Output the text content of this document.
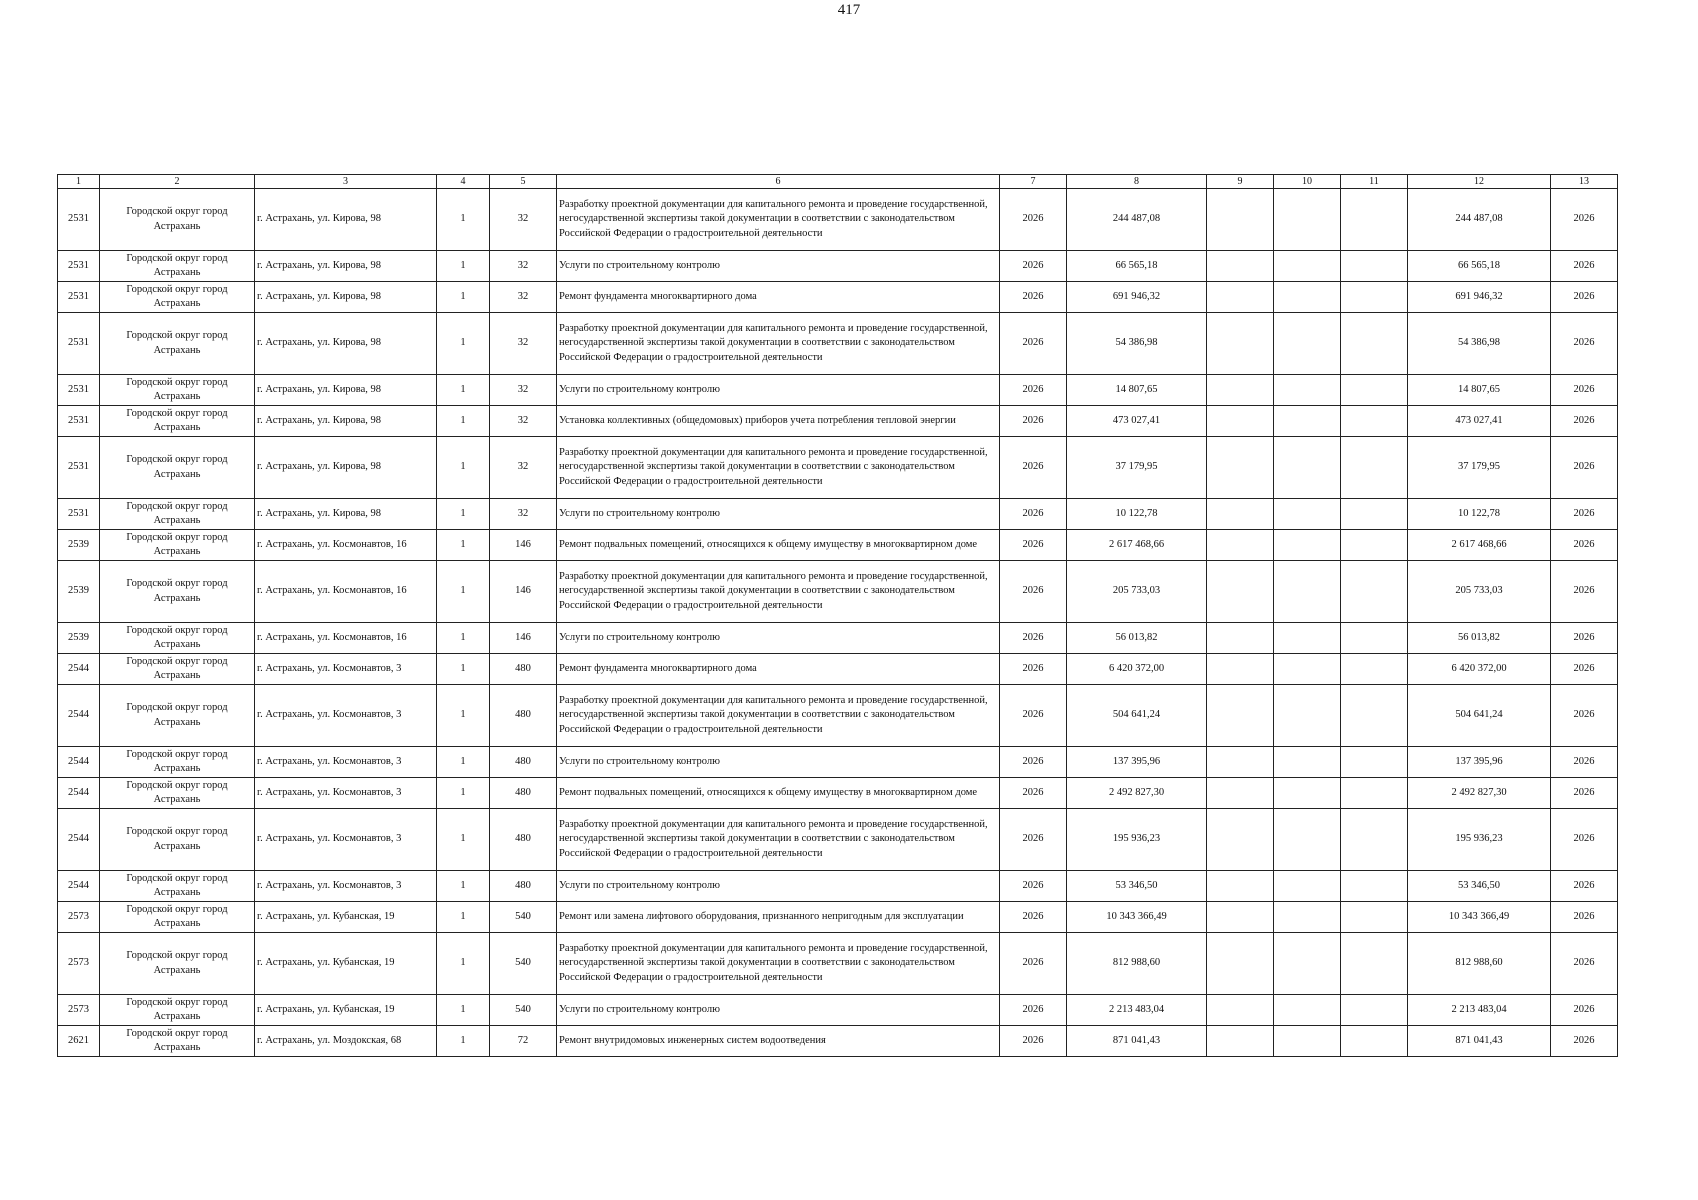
417
1	2	3	4	5	6	7	8	9	10	11	12	13
2531	Городской округ город Астрахань	г. Астрахань, ул. Кирова, 98	1	32	Разработку проектной документации для капитального ремонта и проведение государственной, негосударственной экспертизы такой документации в соответствии с законодательством Российской Федерации о градостроительной деятельности	2026	244 487,08				244 487,08	2026
2531	Городской округ город Астрахань	г. Астрахань, ул. Кирова, 98	1	32	Услуги по строительному контролю	2026	66 565,18				66 565,18	2026
2531	Городской округ город Астрахань	г. Астрахань, ул. Кирова, 98	1	32	Ремонт фундамента многоквартирного дома	2026	691 946,32				691 946,32	2026
2531	Городской округ город Астрахань	г. Астрахань, ул. Кирова, 98	1	32	Разработку проектной документации для капитального ремонта и проведение государственной, негосударственной экспертизы такой документации в соответствии с законодательством Российской Федерации о градостроительной деятельности	2026	54 386,98				54 386,98	2026
2531	Городской округ город Астрахань	г. Астрахань, ул. Кирова, 98	1	32	Услуги по строительному контролю	2026	14 807,65				14 807,65	2026
2531	Городской округ город Астрахань	г. Астрахань, ул. Кирова, 98	1	32	Установка коллективных (общедомовых) приборов учета потребления тепловой энергии	2026	473 027,41				473 027,41	2026
2531	Городской округ город Астрахань	г. Астрахань, ул. Кирова, 98	1	32	Разработку проектной документации для капитального ремонта и проведение государственной, негосударственной экспертизы такой документации в соответствии с законодательством Российской Федерации о градостроительной деятельности	2026	37 179,95				37 179,95	2026
2531	Городской округ город Астрахань	г. Астрахань, ул. Кирова, 98	1	32	Услуги по строительному контролю	2026	10 122,78				10 122,78	2026
2539	Городской округ город Астрахань	г. Астрахань, ул. Космонавтов, 16	1	146	Ремонт подвальных помещений, относящихся к общему имуществу в многоквартирном доме	2026	2 617 468,66				2 617 468,66	2026
2539	Городской округ город Астрахань	г. Астрахань, ул. Космонавтов, 16	1	146	Разработку проектной документации для капитального ремонта и проведение государственной, негосударственной экспертизы такой документации в соответствии с законодательством Российской Федерации о градостроительной деятельности	2026	205 733,03				205 733,03	2026
2539	Городской округ город Астрахань	г. Астрахань, ул. Космонавтов, 16	1	146	Услуги по строительному контролю	2026	56 013,82				56 013,82	2026
2544	Городской округ город Астрахань	г. Астрахань, ул. Космонавтов, 3	1	480	Ремонт фундамента многоквартирного дома	2026	6 420 372,00				6 420 372,00	2026
2544	Городской округ город Астрахань	г. Астрахань, ул. Космонавтов, 3	1	480	Разработку проектной документации для капитального ремонта и проведение государственной, негосударственной экспертизы такой документации в соответствии с законодательством Российской Федерации о градостроительной деятельности	2026	504 641,24				504 641,24	2026
2544	Городской округ город Астрахань	г. Астрахань, ул. Космонавтов, 3	1	480	Услуги по строительному контролю	2026	137 395,96				137 395,96	2026
2544	Городской округ город Астрахань	г. Астрахань, ул. Космонавтов, 3	1	480	Ремонт подвальных помещений, относящихся к общему имуществу в многоквартирном доме	2026	2 492 827,30				2 492 827,30	2026
2544	Городской округ город Астрахань	г. Астрахань, ул. Космонавтов, 3	1	480	Разработку проектной документации для капитального ремонта и проведение государственной, негосударственной экспертизы такой документации в соответствии с законодательством Российской Федерации о градостроительной деятельности	2026	195 936,23				195 936,23	2026
2544	Городской округ город Астрахань	г. Астрахань, ул. Космонавтов, 3	1	480	Услуги по строительному контролю	2026	53 346,50				53 346,50	2026
2573	Городской округ город Астрахань	г. Астрахань, ул. Кубанская, 19	1	540	Ремонт или замена лифтового оборудования, признанного непригодным для эксплуатации	2026	10 343 366,49				10 343 366,49	2026
2573	Городской округ город Астрахань	г. Астрахань, ул. Кубанская, 19	1	540	Разработку проектной документации для капитального ремонта и проведение государственной, негосударственной экспертизы такой документации в соответствии с законодательством Российской Федерации о градостроительной деятельности	2026	812 988,60				812 988,60	2026
2573	Городской округ город Астрахань	г. Астрахань, ул. Кубанская, 19	1	540	Услуги по строительному контролю	2026	2 213 483,04				2 213 483,04	2026
2621	Городской округ город Астрахань	г. Астрахань, ул. Моздокская, 68	1	72	Ремонт внутридомовых инженерных систем водоотведения	2026	871 041,43				871 041,43	2026
